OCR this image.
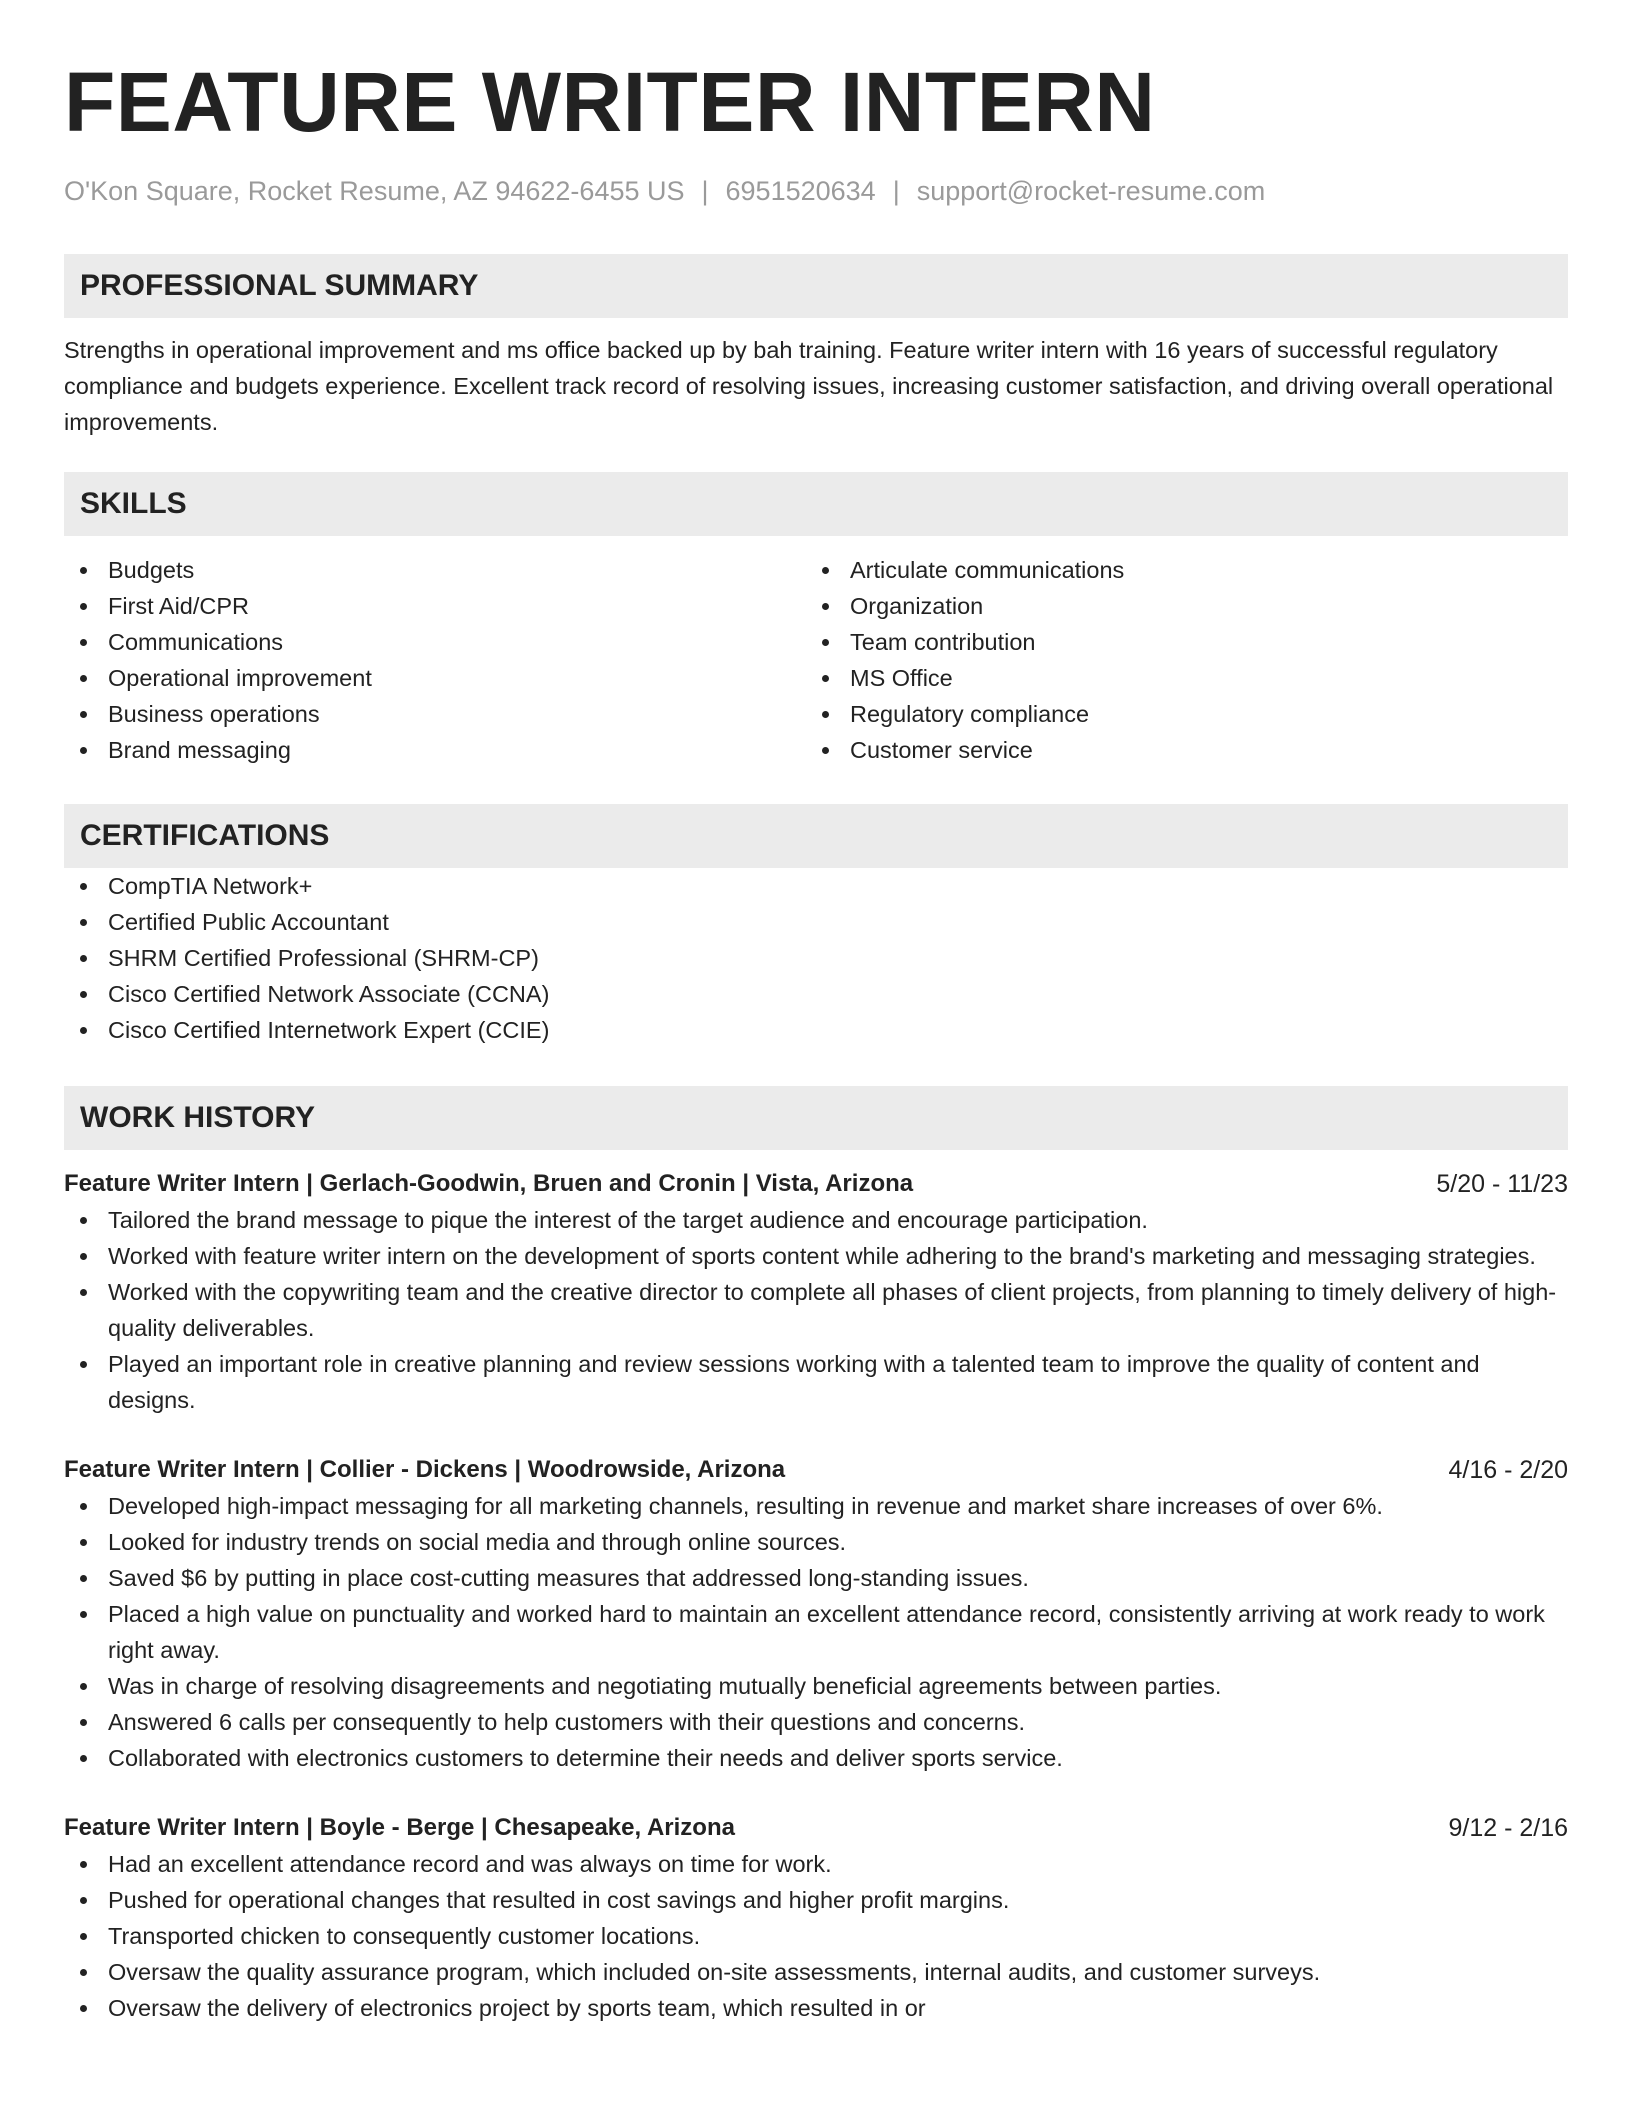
FEATURE WRITER INTERN
O'Kon Square, Rocket Resume, AZ 94622-6455 US | 6951520634 | support@rocket-resume.com
PROFESSIONAL SUMMARY

Strengths in operational improvement and ms office backed up by bah training. Feature writer intern with 16 years of successful regulatory compliance and budgets experience. Excellent track record of resolving issues, increasing customer satisfaction, and driving overall operational improvements.

SKILLS
Budgets
First Aid/CPR
Communications
Operational improvement
Business operations
Brand messaging
Articulate communications
Organization
Team contribution
MS Office
Regulatory compliance
Customer service
CERTIFICATIONS
CompTIA Network+
Certified Public Accountant
SHRM Certified Professional (SHRM-CP)
Cisco Certified Network Associate (CCNA)
Cisco Certified Internetwork Expert (CCIE)
WORK HISTORY
Feature Writer Intern | Gerlach-Goodwin, Bruen and Cronin | Vista, Arizona	5/20 - 11/23
Tailored the brand message to pique the interest of the target audience and encourage participation.
Worked with feature writer intern on the development of sports content while adhering to the brand's marketing and messaging strategies.
Worked with the copywriting team and the creative director to complete all phases of client projects, from planning to timely delivery of high-quality deliverables.
Played an important role in creative planning and review sessions working with a talented team to improve the quality of content and designs.
Feature Writer Intern | Collier - Dickens | Woodrowside, Arizona	4/16 - 2/20
Developed high-impact messaging for all marketing channels, resulting in revenue and market share increases of over 6%.
Looked for industry trends on social media and through online sources.
Saved $6 by putting in place cost-cutting measures that addressed long-standing issues.
Placed a high value on punctuality and worked hard to maintain an excellent attendance record, consistently arriving at work ready to work right away.
Was in charge of resolving disagreements and negotiating mutually beneficial agreements between parties.
Answered 6 calls per consequently to help customers with their questions and concerns.
Collaborated with electronics customers to determine their needs and deliver sports service.
Feature Writer Intern | Boyle - Berge | Chesapeake, Arizona	9/12 - 2/16
Had an excellent attendance record and was always on time for work.
Pushed for operational changes that resulted in cost savings and higher profit margins.
Transported chicken to consequently customer locations.
Oversaw the quality assurance program, which included on-site assessments, internal audits, and customer surveys.
Oversaw the delivery of electronics project by sports team, which resulted in or
